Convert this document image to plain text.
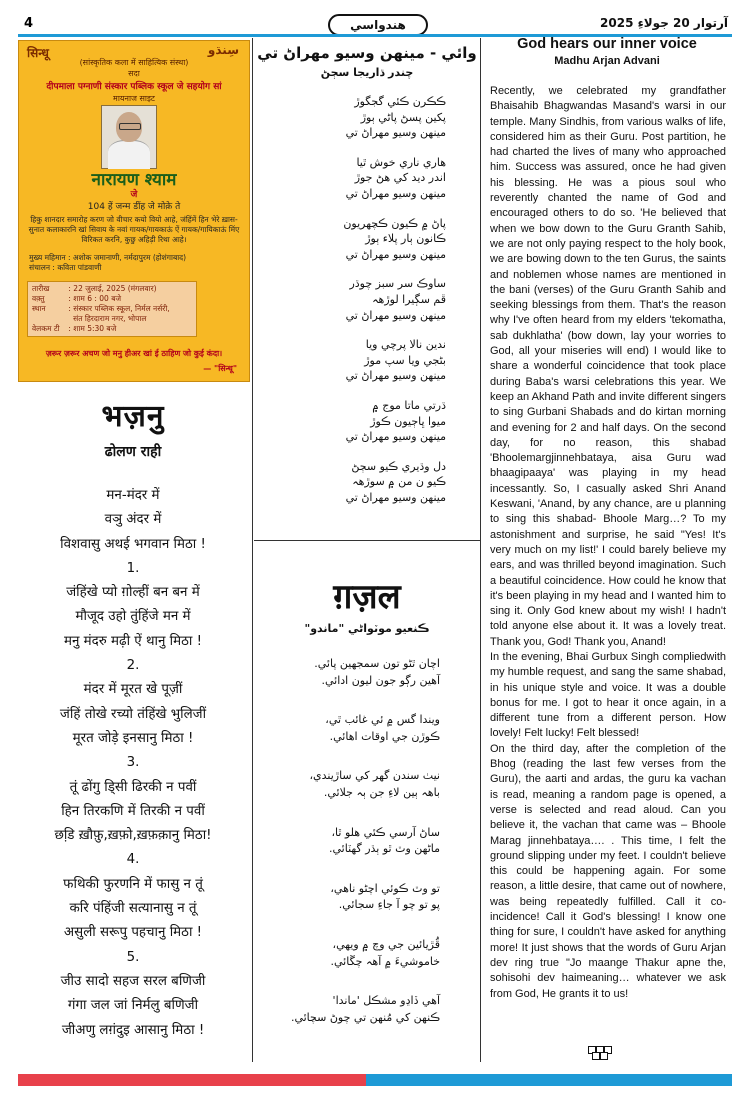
4	هندواسي	آرتوار 20 جولاءِ 2025
सिन्धू	سِنڌو
(सांस्कृतिक कला में साहित्यिक संस्था)
सदा
दीपमाला पग्नाणी संस्कार पब्लिक स्कूल जे सहयोग सां
मायनाज साइट
नारायण श्याम
जे
104 हें जन्म डींह जे मोक़े ते
हिकु शानदार समारोह करण जो वीचार कयो वियो आहे, जंहिंमें हिन भेरे ख़ास-सुनात कलाकारनि खां सिवाय के नवां गायक/गायकाऊं ऐं गायक/गायिकाऊं मिंए विरिकत करनि, कुछु अहिड़ी रिथा आहे।
मुख्य महिमान : अशोक जमानाणी, नर्मदापुरम (होशंगाबाद)
संचालन : कविता पांडवाणी
तारीख : 22 जुलाई, 2025 (मंगलवार)
वक़्तु	: शाम 6 : 00 बजे
स्थान	: संस्कार पब्लिक स्कूल, निर्मल नर्सरी,
संत हिरदाराम नगर, भोपाल
वेलकम टी : शाम 5:30 बजे
ज़रूर ज़रूर अचण जो मनु हीअर खां ई ठाहिण जो कुई कंदा।
— "सिन्धू"
भज़नु
ढोलण राही
मन-मंदर में
वञु अंदर में
विशवासु अथई भगवान मिठा !
1.
जंहिंखे प्यो ग़ोल्हीं बन बन में
मौजूद उहो तुंहिंजे मन में
मनु मंदरु मढ़ी ऐं थानु मिठा !
2.
मंदर में मूरत खे पूज़ीं
जंहिं तोखे रच्यो तंहिंखे भुलिजीं
मूरत जोड़े इनसानु मिठा !
3.
तूं ढोंगु डि्सी ढिरकी न पवीं
हिन तिरकणि में तिरकी न पवीं
छडि़ ख़ौफ़ु,ख़फ़ो,ख़फ़क़ानु मिठा!
4.
फथिकी फुरणनि में फासु न तूं
करि पंहिंजी सत्यानासु न तूं
असुली सरूपु पहचानु मिठा !
5.
जीउ सादो सहज सरल बणिजी
गंगा जल जां निर्मलु बणिजी
जीअणु लग़ंदुइ आसानु मिठा !
وائي - مينهن وسيو مهراڻ تي
چندر ڌاريجا سڄڻ
ڪڪرن ڪئي گجگوڙ
پکين پسڻ پاڻي ٻوڙ
مينهن وسيو مهراڻ تي
هاري ناري خوش ٿيا
اندر ديد کي هڻ جوڙ
مينهن وسيو مهراڻ تي
پاڻ ۾ ڪيون ڪچهريون
ڪانون ٻار پلاء ٻوڙ
مينهن وسيو مهراڻ تي
ساوڪ سر سبز چوڌر
ڦم سڳيرا لوڙهہ
مينهن وسيو مهراڻ تي
ندين نالا پرچي ويا
بڻجي ويا سپ موڙ
مينهن وسيو مهراڻ تي
ڌرتي ماتا موج ۾
ميوا ڀاڄيون ڪوڙ
مينهن وسيو مهراڻ تي
دل وڌيري ڪيو سڄڻ
ڪيو ن من ۾ سوڙهہ
مينهن وسيو مهراڻ تي
ग़ज़ल
ڪنعيو موٽواڻي "ماندو"
اچان ٿڻو تون سمجهين پائي.
آهين رڳو جون ليون ادائي.
ويندا گس ۾ ئي غائب ٿي،
ڪوڙن جي اوقات اهائي.
نيٺ سندن گهر کي ساڙيندي،
باهہ ٻين لاءِ جن ٻہ جلائي.
ساڻ آرسي ڪئي هلو ٿا،
ماڻهن وٽ ٿو ٻڌر گهٽائي.
تو وٽ ڪوئي اچڻو ناهي،
پو تو چو آ جاءِ سجائي.
ڦُڙيائين جي وچ ۾ ويهي،
خاموشيءَ ۾ آهہ چڱائي.
آهي ڏاڍو مشڪل 'ماندا'
ڪنهن کي مُنهن تي چوڻ سچائي.
God hears our inner voice
Madhu Arjan Advani

Recently, we celebrated my grandfather Bhaisahib Bhagwandas Masand's warsi in our temple. Many Sindhis, from various walks of life, considered him as their Guru. Post partition, he had charted the lives of many who approached him. Success was assured, once he had given his blessing. He was a pious soul who reverently chanted the name of God and encouraged others to do so. 'He believed that when we bow down to the Guru Granth Sahib, we are not only paying respect to the holy book, we are bowing down to the ten Gurus, the saints and noblemen whose names are mentioned in the bani (verses) of the Guru Granth Sahib and seeking blessings from them. That's the reason why I've often heard from my elders 'tekomatha, sab dukhlatha' (bow down, lay your worries to God, all your miseries will end) I would like to share a wonderful coincidence that took place during Baba's warsi celebrations this year. We keep an Akhand Path and invite different singers to sing Gurbani Shabads and do kirtan morning and evening for 2 and half days. On the second day, for no reason, this shabad 'Bhoolemargjinnehbataya, aisa Guru wad bhaagipaaya' was playing in my head incessantly. So, I casually asked Shri Anand Keswani, 'Anand, by any chance, are u planning to sing this shabad- Bhoole Marg…? To my astonishment and surprise, he said "Yes! It's very much on my list!' I could barely believe my ears, and was thrilled beyond imagination. Such a beautiful coincidence. How could he know that it's been playing in my head and I wanted him to sing it. Only God knew about my wish! I hadn't told anyone else about it. It was a lovely treat. Thank you, God! Thank you, Anand!

In the evening, Bhai Gurbux Singh compliedwith my humble request, and sang the same shabad, in his unique style and voice. It was a double bonus for me. I got to hear it once again, in a different tune from a different person. How lovely! Felt lucky! Felt blessed!

On the third day, after the completion of the Bhog (reading the last few verses from the Guru), the aarti and ardas, the guru ka vachan is read, meaning a random page is opened, a verse is selected and read aloud. Can you believe it, the vachan that came was – Bhoole Marag jinnehbataya…. . This time, I felt the ground slipping under my feet. I couldn't believe this could be happening again. For some reason, a little desire, that came out of nowhere, was being repeatedly fulfilled. Call it co-incidence! Call it God's blessing! I know one thing for sure, I couldn't have asked for anything more! It just shows that the words of Guru Arjan dev ring true "Jo maange Thakur apne the, sohisohi dev haimeaning… whatever we ask from God, He grants it to us!
